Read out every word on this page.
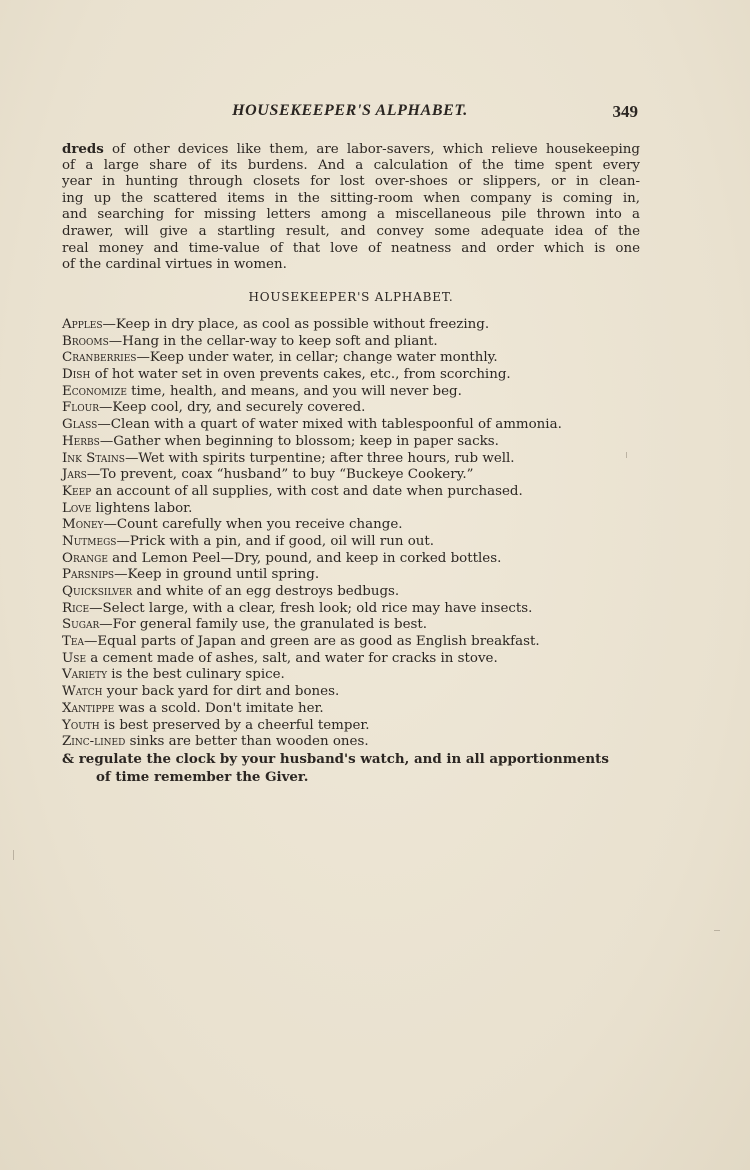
HOUSEKEEPER'S ALPHABET.	349
dreds of other devices like them, are labor-savers, which relieve housekeeping
of a large share of its burdens. And a calculation of the time spent every
year in hunting through closets for lost over-shoes or slippers, or in clean-
ing up the scattered items in the sitting-room when company is coming in,
and searching for missing letters among a miscellaneous pile thrown into a
drawer, will give a startling result, and convey some adequate idea of the
real money and time-value of that love of neatness and order which is one
of the cardinal virtues in women.
HOUSEKEEPER'S ALPHABET.
Apples—Keep in dry place, as cool as possible without freezing.
Brooms—Hang in the cellar-way to keep soft and pliant.
Cranberries—Keep under water, in cellar; change water monthly.
Dish of hot water set in oven prevents cakes, etc., from scorching.
Economize time, health, and means, and you will never beg.
Flour—Keep cool, dry, and securely covered.
Glass—Clean with a quart of water mixed with tablespoonful of ammonia.
Herbs—Gather when beginning to blossom; keep in paper sacks.
Ink Stains—Wet with spirits turpentine; after three hours, rub well.
Jars—To prevent, coax “husband” to buy “Buckeye Cookery.”
Keep an account of all supplies, with cost and date when purchased.
Love lightens labor.
Money—Count carefully when you receive change.
Nutmegs—Prick with a pin, and if good, oil will run out.
Orange and Lemon Peel—Dry, pound, and keep in corked bottles.
Parsnips—Keep in ground until spring.
Quicksilver and white of an egg destroys bedbugs.
Rice—Select large, with a clear, fresh look; old rice may have insects.
Sugar—For general family use, the granulated is best.
Tea—Equal parts of Japan and green are as good as English breakfast.
Use a cement made of ashes, salt, and water for cracks in stove.
Variety is the best culinary spice.
Watch your back yard for dirt and bones.
Xantippe was a scold. Don't imitate her.
Youth is best preserved by a cheerful temper.
Zinc-lined sinks are better than wooden ones.
& regulate the clock by your husband's watch, and in all apportionments
of time remember the Giver.
